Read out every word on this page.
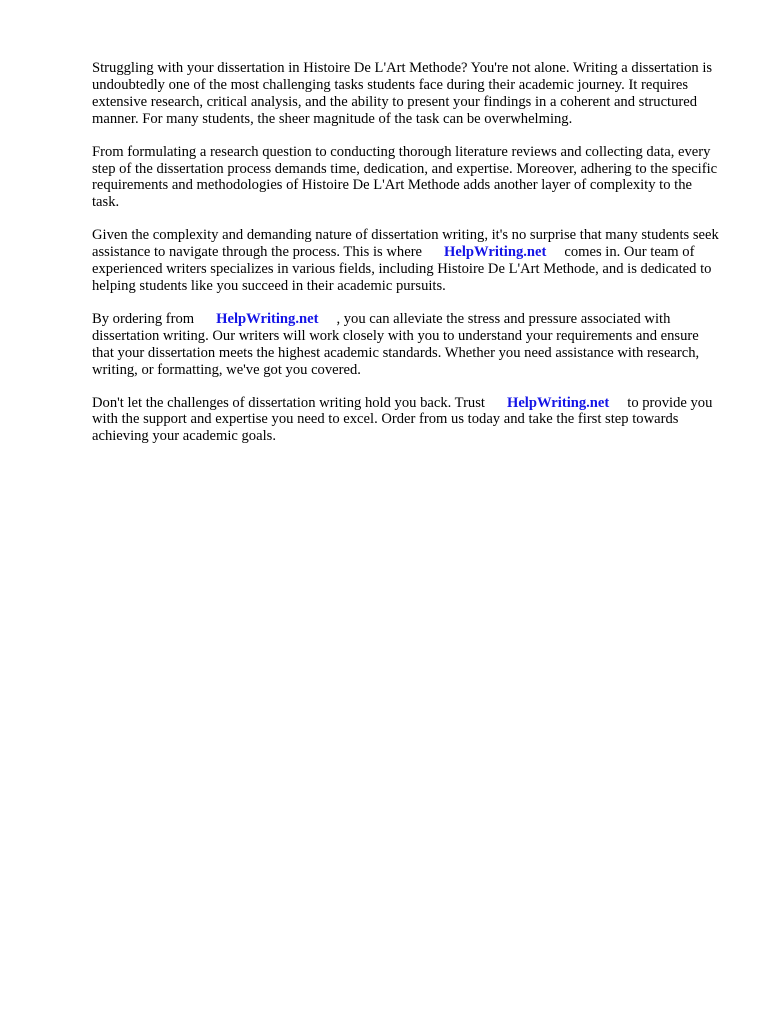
Struggling with your dissertation in Histoire De L'Art Methode? You're not alone. Writing a dissertation is undoubtedly one of the most challenging tasks students face during their academic journey. It requires extensive research, critical analysis, and the ability to present your findings in a coherent and structured manner. For many students, the sheer magnitude of the task can be overwhelming.

From formulating a research question to conducting thorough literature reviews and collecting data, every step of the dissertation process demands time, dedication, and expertise. Moreover, adhering to the specific requirements and methodologies of Histoire De L'Art Methode adds another layer of complexity to the task.

Given the complexity and demanding nature of dissertation writing, it's no surprise that many students seek assistance to navigate through the process. This is where HelpWriting.net comes in. Our team of experienced writers specializes in various fields, including Histoire De L'Art Methode, and is dedicated to helping students like you succeed in their academic pursuits.

By ordering from HelpWriting.net , you can alleviate the stress and pressure associated with dissertation writing. Our writers will work closely with you to understand your requirements and ensure that your dissertation meets the highest academic standards. Whether you need assistance with research, writing, or formatting, we've got you covered.

Don't let the challenges of dissertation writing hold you back. Trust HelpWriting.net to provide you with the support and expertise you need to excel. Order from us today and take the first step towards achieving your academic goals.
